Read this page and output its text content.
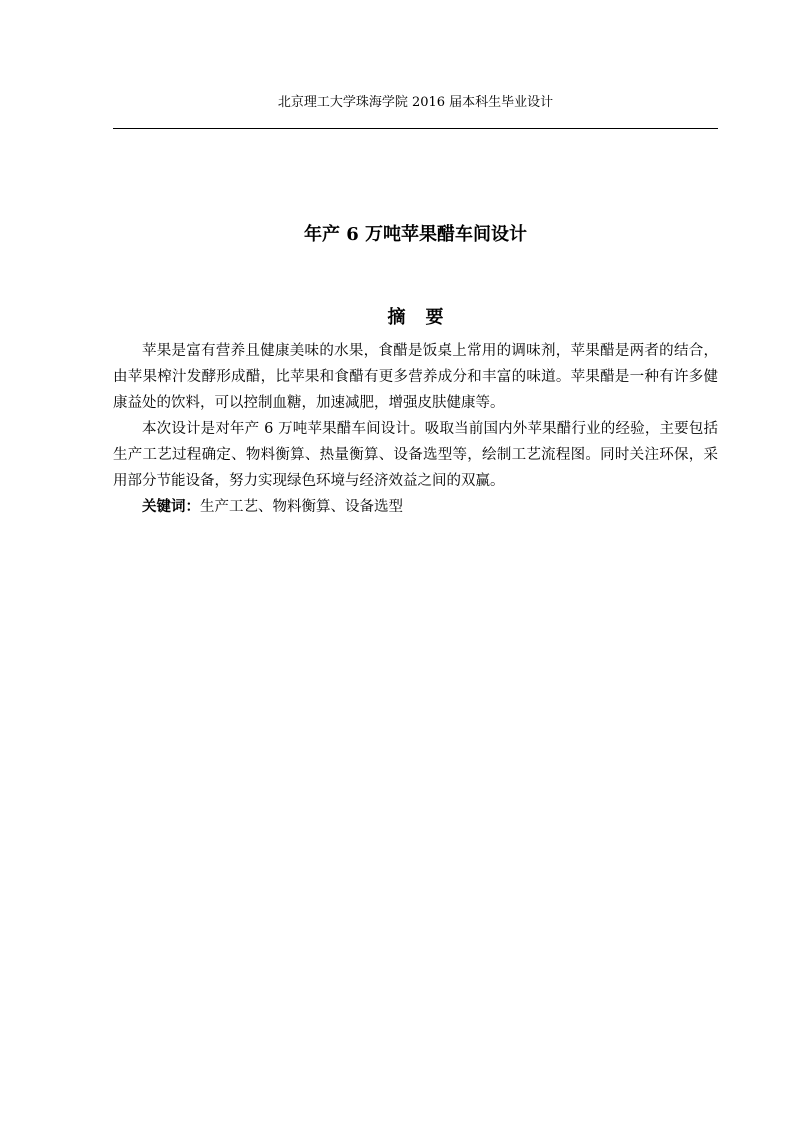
北京理工大学珠海学院 2016 届本科生毕业设计
年产 6 万吨苹果醋车间设计
摘要

苹果是富有营养且健康美味的水果，食醋是饭桌上常用的调味剂，苹果醋是两者的结合，由苹果榨汁发酵形成醋，比苹果和食醋有更多营养成分和丰富的味道。苹果醋是一种有许多健康益处的饮料，可以控制血糖，加速减肥，增强皮肤健康等。

本次设计是对年产 6 万吨苹果醋车间设计。吸取当前国内外苹果醋行业的经验，主要包括生产工艺过程确定、物料衡算、热量衡算、设备选型等，绘制工艺流程图。同时关注环保，采用部分节能设备，努力实现绿色环境与经济效益之间的双赢。

关键词：生产工艺、物料衡算、设备选型
